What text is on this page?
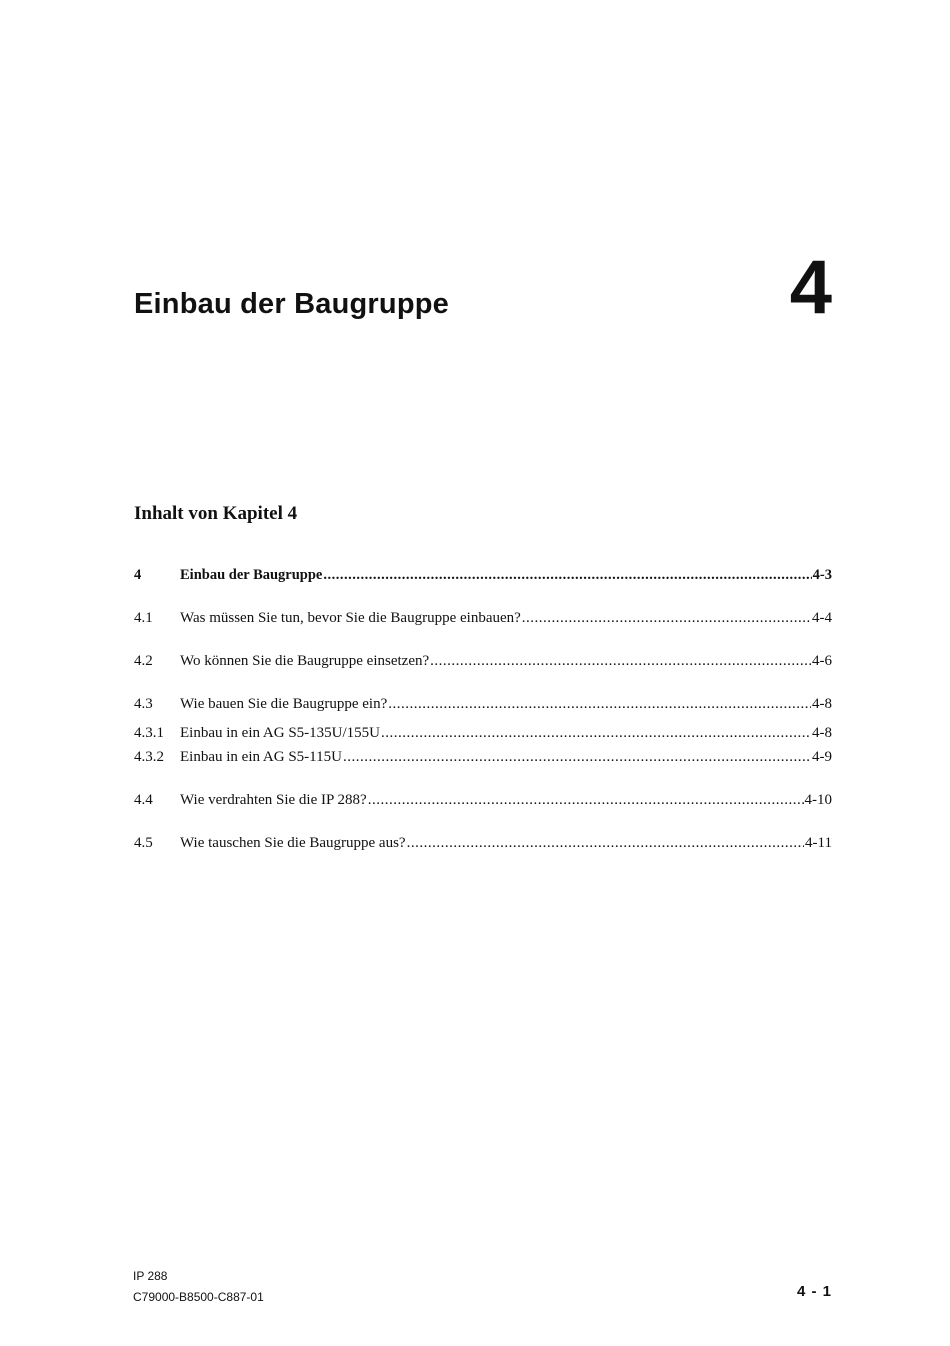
Einbau der Baugruppe	4
Inhalt von Kapitel 4
4	Einbau der Baugruppe .....	4-3
4.1	Was müssen Sie tun, bevor Sie die Baugruppe einbauen? .....	4-4
4.2	Wo können Sie die Baugruppe einsetzen? .....	4-6
4.3	Wie bauen Sie die Baugruppe ein? .....	4-8
4.3.1	Einbau in ein AG S5-135U/155U .....	4-8
4.3.2	Einbau in ein AG S5-115U .....	4-9
4.4	Wie verdrahten Sie die IP 288? .....	4-10
4.5	Wie tauschen Sie die Baugruppe aus? .....	4-11
IP 288
C79000-B8500-C887-01	4 - 1
